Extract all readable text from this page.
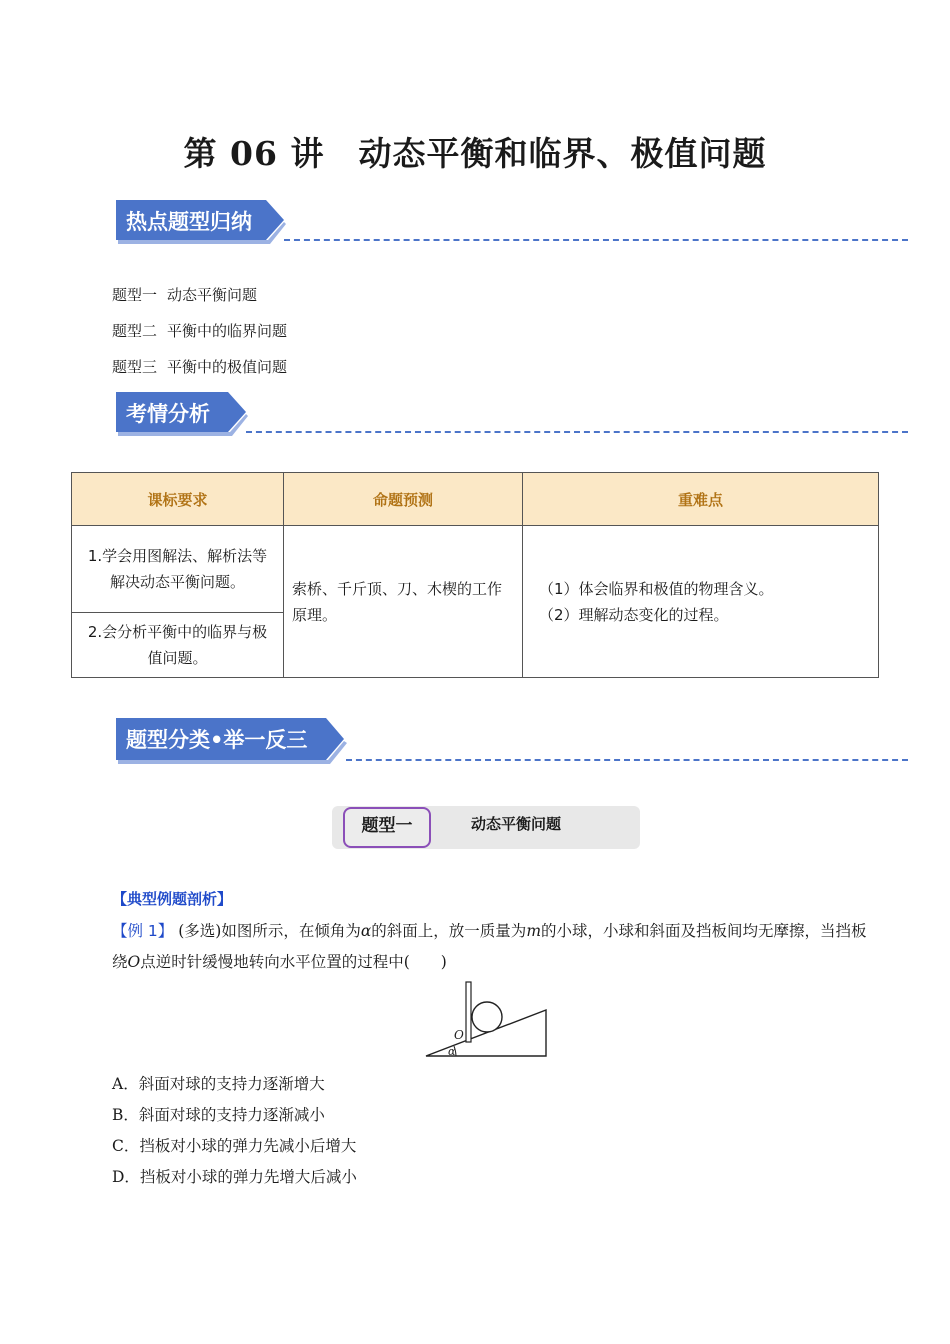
第 06 讲 动态平衡和临界、极值问题
热点题型归纳
题型一 动态平衡问题
题型二 平衡中的临界问题
题型三 平衡中的极值问题
考情分析
课标要求	命题预测	重难点

1.学会用图解法、解析法等解决动态平衡问题。	索桥、千斤顶、刀、木楔的工作原理。	（1）体会临界和极值的物理含义。
（2）理解动态变化的过程。

2.会分析平衡中的临界与极值问题。		
题型分类•举一反三
题型一	动态平衡问题
【典型例题剖析】
【例 1】 (多选)如图所示，在倾角为α的斜面上，放一质量为m的小球，小球和斜面及挡板间均无摩擦，当挡板绕O点逆时针缓慢地转向水平位置的过程中(　　)
O
α
A．斜面对球的支持力逐渐增大
B．斜面对球的支持力逐渐减小
C．挡板对小球的弹力先减小后增大
D．挡板对小球的弹力先增大后减小
